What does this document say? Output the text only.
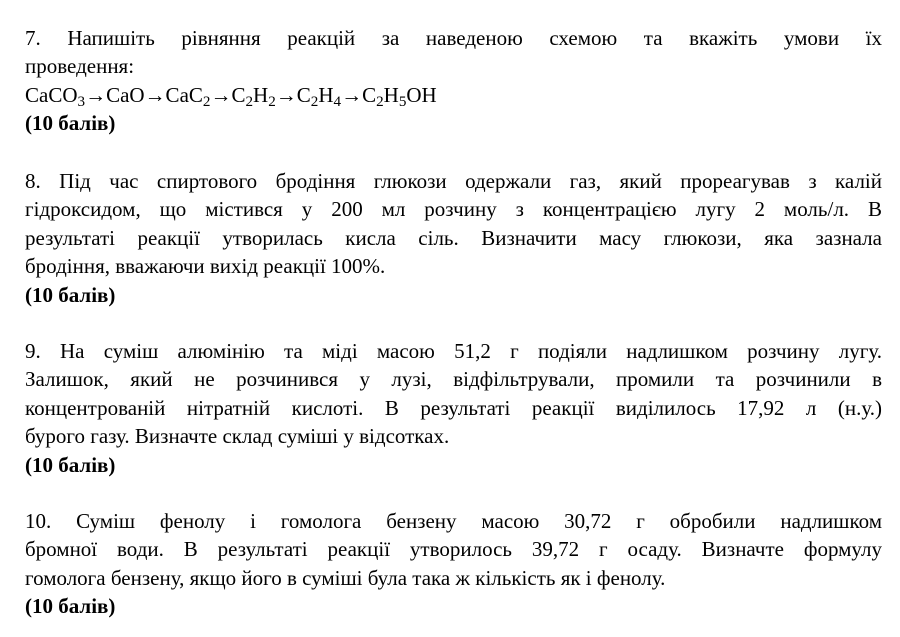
7. Напишіть рівняння реакцій за наведеною схемою та вкажіть умови їх
проведення:
$CaCO_3\to CaO\to CaC_2\to C_2H_2\to C_2H_4\to C_2H_5OH$
(10 балів)
8. Під час спиртового бродіння глюкози одержали газ, який прореагував з калій
гідроксидом, що містився у 200 мл розчину з концентрацією лугу 2 моль/л. В
результаті реакції утворилась кисла сіль. Визначити масу глюкози, яка зазнала
бродіння, вважаючи вихід реакції 100%.
(10 балів)
9. На суміш алюмінію та міді масою 51,2 г подіяли надлишком розчину лугу.
Залишок, який не розчинився у лузі, відфільтрували, промили та розчинили в
концентрованій нітратній кислоті. В результаті реакції виділилось 17,92 л (н.у.)
бурого газу. Визначте склад суміші у відсотках.
(10 балів)
10. Суміш фенолу і гомолога бензену масою 30,72 г обробили надлишком
бромної води. В результаті реакції утворилось 39,72 г осаду. Визначте формулу
гомолога бензену, якщо його в суміші була така ж кількість як і фенолу.
(10 балів)
